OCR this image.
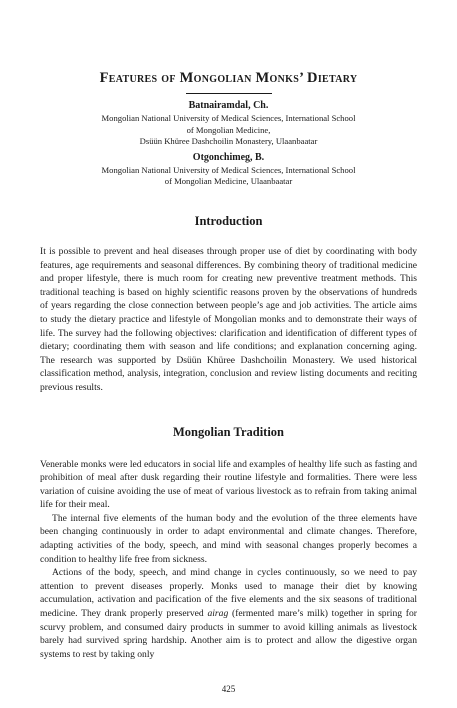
Features of Mongolian Monks’ Dietary

Batnairamdal, Ch.

Mongolian National University of Medical Sciences, International School

of Mongolian Medicine,

Dsüün Khüree Dashchoilin Monastery, Ulaanbaatar

Otgonchimeg, B.

Mongolian National University of Medical Sciences, International School

of Mongolian Medicine, Ulaanbaatar

Introduction

It is possible to prevent and heal diseases through proper use of diet by coordinating with body features, age requirements and seasonal differences. By combining theory of traditional medicine and proper lifestyle, there is much room for creating new preventive treatment methods. This traditional teaching is based on highly scientific reasons proven by the observations of hundreds of years regarding the close connection between people’s age and job activities. The article aims to study the dietary practice and lifestyle of Mongolian monks and to demonstrate their ways of life. The survey had the following objectives: clarification and identification of different types of dietary; coordinating them with season and life conditions; and explanation concerning aging. The research was supported by Dsüün Khüree Dashchoilin Monastery. We used historical classification method, analysis, integration, conclusion and review listing documents and reciting previous results.

Mongolian Tradition

Venerable monks were led educators in social life and examples of healthy life such as fasting and prohibition of meal after dusk regarding their routine lifestyle and formalities. There were less variation of cuisine avoiding the use of meat of various livestock as to refrain from taking animal life for their meal.

The internal five elements of the human body and the evolution of the three elements have been changing continuously in order to adapt environmental and climate changes. Therefore, adapting activities of the body, speech, and mind with seasonal changes properly becomes a condition to healthy life free from sickness.

Actions of the body, speech, and mind change in cycles continuously, so we need to pay attention to prevent diseases properly. Monks used to manage their diet by knowing accumulation, activation and pacification of the five elements and the six seasons of traditional medicine. They drank properly preserved airag (fermented mare’s milk) together in spring for scurvy problem, and consumed dairy products in summer to avoid killing animals as livestock barely had survived spring hardship. Another aim is to protect and allow the digestive organ systems to rest by taking only

425
